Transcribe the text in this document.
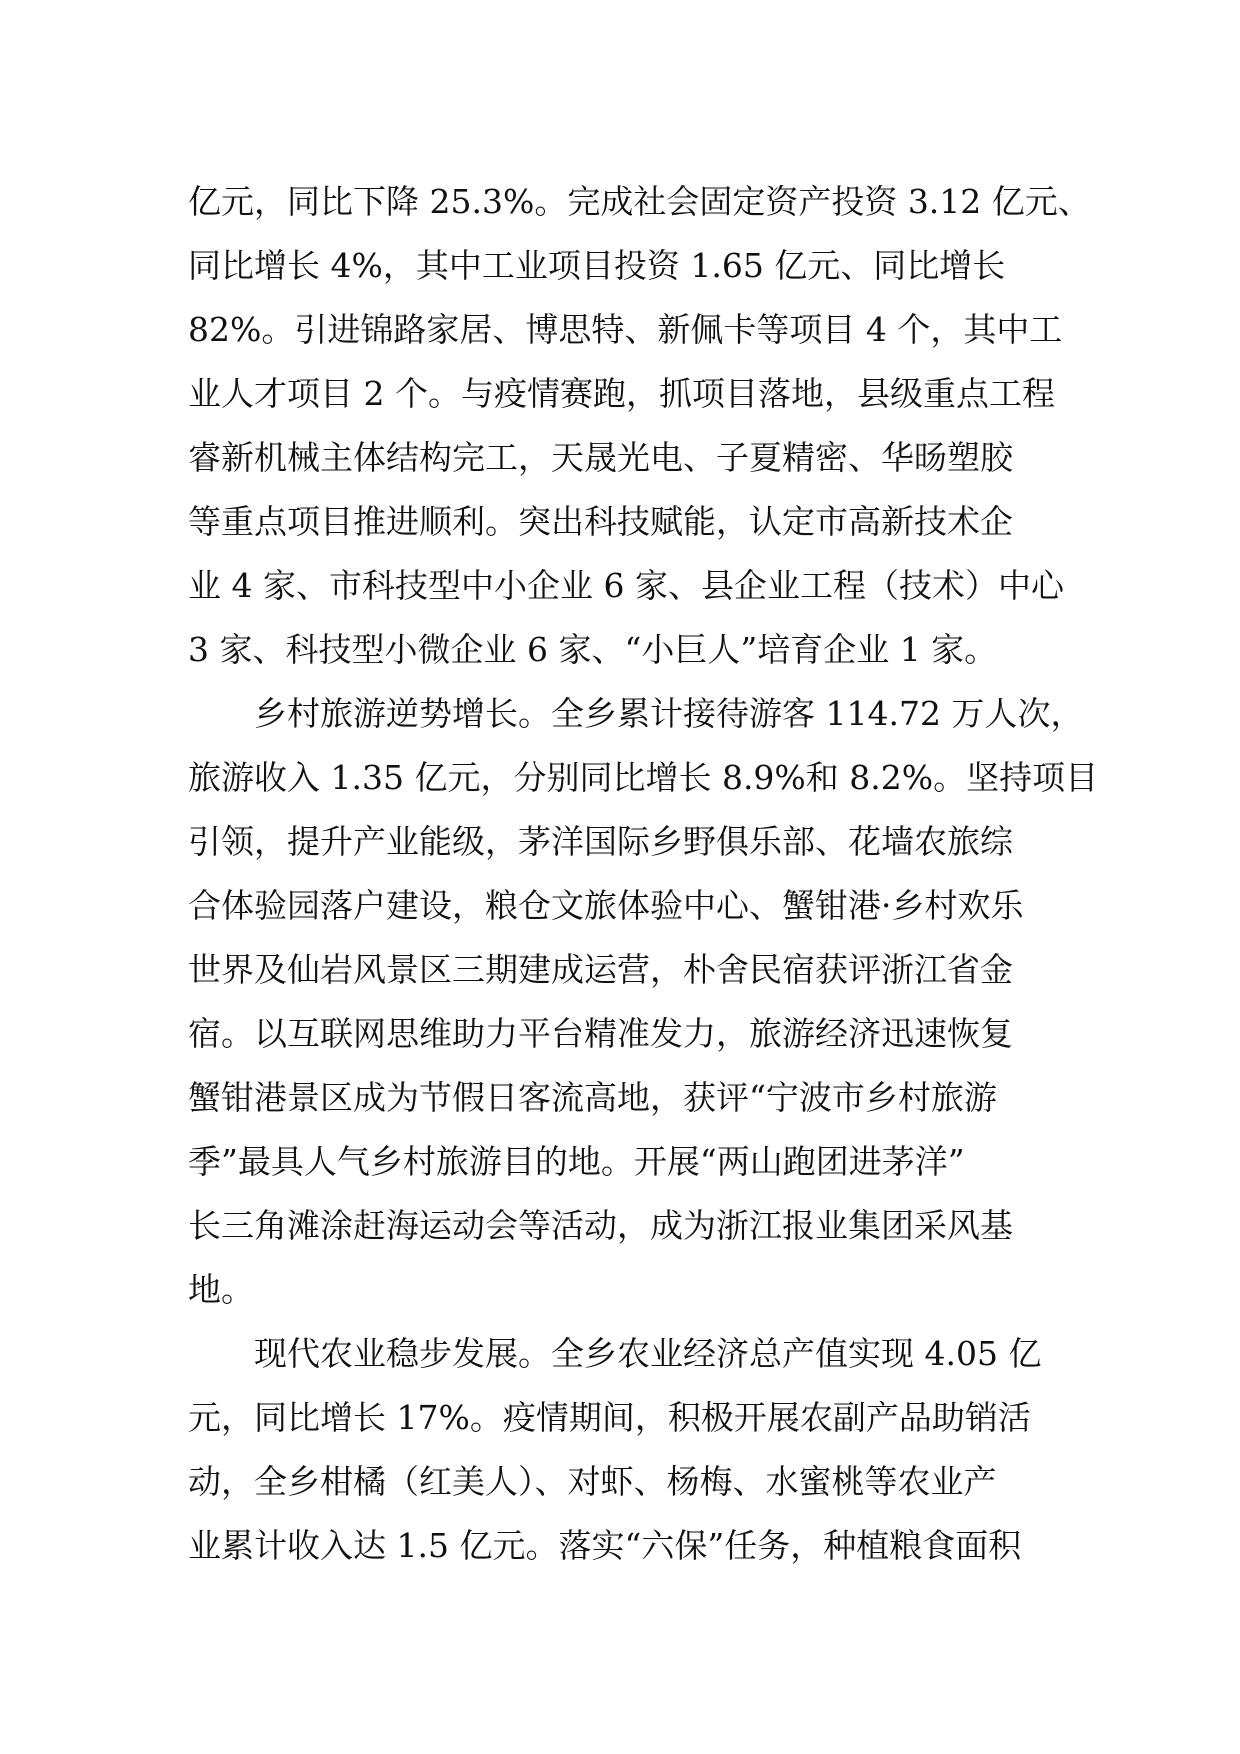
亿元，同比下降 25.3%。完成社会固定资产投资 3.12 亿元、
同比增长 4%，其中工业项目投资 1.65 亿元、同比增长
82%。引进锦路家居、博思特、新佩卡等项目 4 个，其中工
业人才项目 2 个。与疫情赛跑，抓项目落地，县级重点工程
睿新机械主体结构完工，天晟光电、子夏精密、华旸塑胶
等重点项目推进顺利。突出科技赋能，认定市高新技术企
业 4 家、市科技型中小企业 6 家、县企业工程（技术）中心
3 家、科技型小微企业 6 家、“小巨人”培育企业 1 家。
　　乡村旅游逆势增长。全乡累计接待游客 114.72 万人次，
旅游收入 1.35 亿元，分别同比增长 8.9%和 8.2%。坚持项目
引领，提升产业能级，茅洋国际乡野俱乐部、花墙农旅综
合体验园落户建设，粮仓文旅体验中心、蟹钳港·乡村欢乐
世界及仙岩风景区三期建成运营，朴舍民宿获评浙江省金
宿。以互联网思维助力平台精准发力，旅游经济迅速恢复
蟹钳港景区成为节假日客流高地，获评“宁波市乡村旅游
季”最具人气乡村旅游目的地。开展“两山跑团进茅洋”
长三角滩涂赶海运动会等活动，成为浙江报业集团采风基
地。
　　现代农业稳步发展。全乡农业经济总产值实现 4.05 亿
元，同比增长 17%。疫情期间，积极开展农副产品助销活
动，全乡柑橘（红美人）、对虾、杨梅、水蜜桃等农业产
业累计收入达 1.5 亿元。落实“六保”任务，种植粮食面积
